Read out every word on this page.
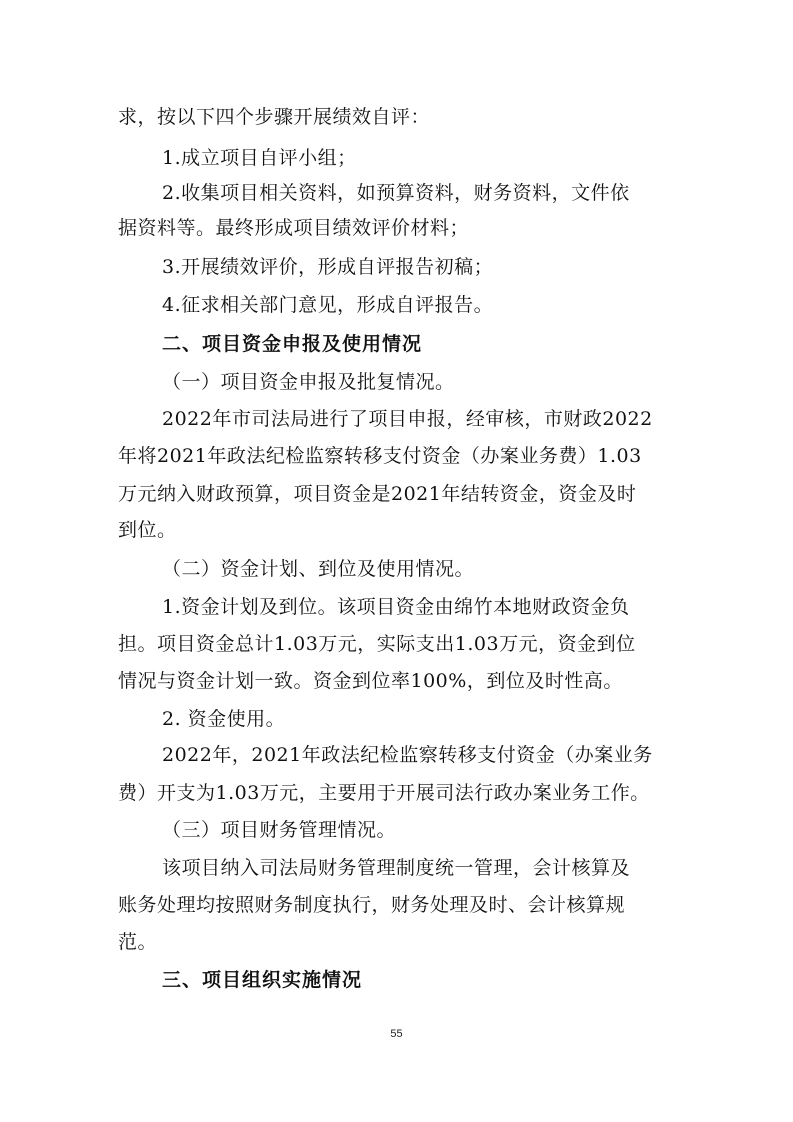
求，按以下四个步骤开展绩效自评：
1.成立项目自评小组；
2.收集项目相关资料，如预算资料，财务资料，文件依
据资料等。最终形成项目绩效评价材料；
3.开展绩效评价，形成自评报告初稿；
4.征求相关部门意见，形成自评报告。
二、项目资金申报及使用情况
（一）项目资金申报及批复情况。
2022年市司法局进行了项目申报，经审核，市财政2022
年将2021年政法纪检监察转移支付资金（办案业务费）1.03
万元纳入财政预算，项目资金是2021年结转资金，资金及时
到位。
（二）资金计划、到位及使用情况。
1.资金计划及到位。该项目资金由绵竹本地财政资金负
担。项目资金总计1.03万元，实际支出1.03万元，资金到位
情况与资金计划一致。资金到位率100%，到位及时性高。
2. 资金使用。
2022年，2021年政法纪检监察转移支付资金（办案业务
费）开支为1.03万元，主要用于开展司法行政办案业务工作。
（三）项目财务管理情况。
该项目纳入司法局财务管理制度统一管理，会计核算及
账务处理均按照财务制度执行，财务处理及时、会计核算规
范。
三、项目组织实施情况
55
